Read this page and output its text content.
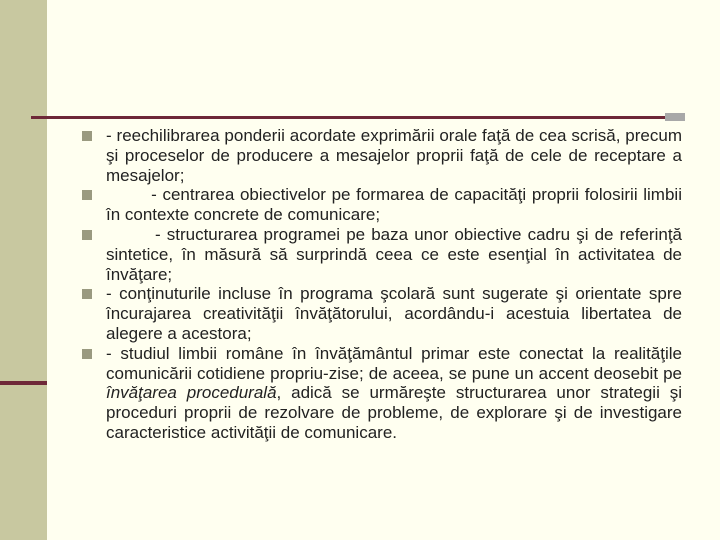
- reechilibrarea ponderii acordate exprimării orale faţă de cea scrisă, precum şi proceselor de producere a mesajelor proprii faţă de cele de receptare a mesajelor;
- centrarea obiectivelor pe formarea de capacităţi proprii folosirii limbii în contexte concrete de comunicare;
- structurarea programei pe baza unor obiective cadru şi de referinţă sintetice, în măsură să surprindă ceea ce este esenţial în activitatea de învăţare;
- conţinuturile incluse în programa şcolară sunt sugerate şi orientate spre încurajarea creativităţii învăţătorului, acordându-i acestuia libertatea de alegere a acestora;
- studiul limbii române în învăţământul primar este conectat la realităţile comunicării cotidiene propriu-zise; de aceea, se pune un accent deosebit pe învăţarea procedurală, adică se urmăreşte structurarea unor strategii şi proceduri proprii de rezolvare de probleme, de explorare şi de investigare caracteristice activităţii de comunicare.
